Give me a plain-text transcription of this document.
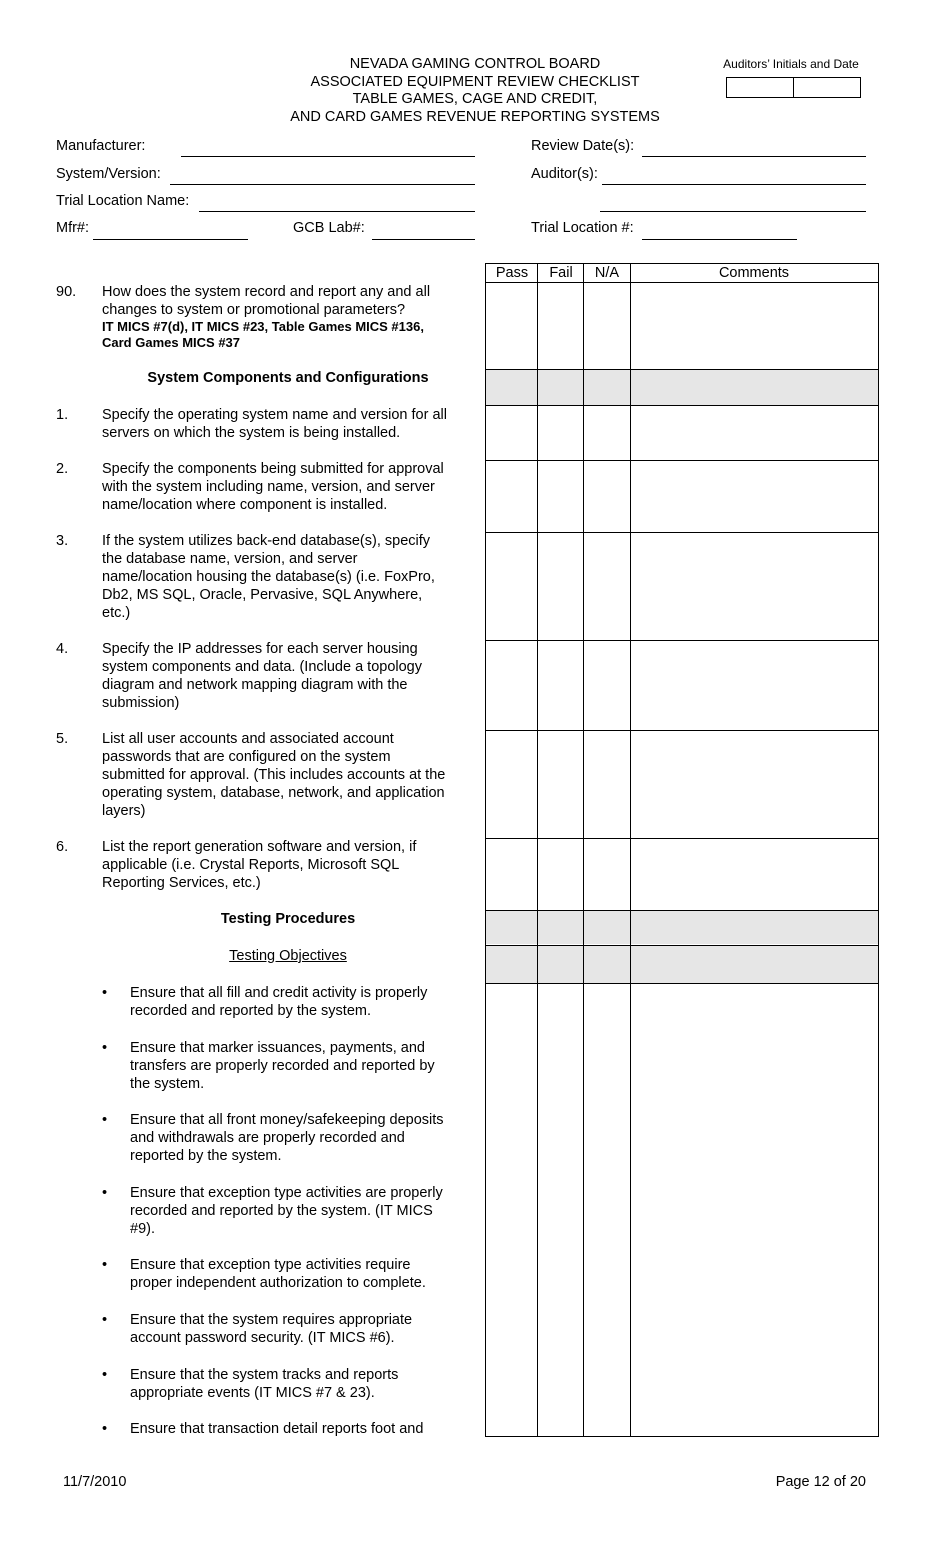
NEVADA GAMING CONTROL BOARD
ASSOCIATED EQUIPMENT REVIEW CHECKLIST
TABLE GAMES, CAGE AND CREDIT,
AND CARD GAMES REVENUE REPORTING SYSTEMS
Auditors’ Initials and Date
Manufacturer:
System/Version:
Trial Location Name:
Mfr#:	GCB Lab#:
Review Date(s):
Auditor(s):
Trial Location #:
Pass	Fail	N/A	Comments
90. How does the system record and report any and all
changes to system or promotional parameters?
IT MICS #7(d), IT MICS #23, Table Games MICS #136,
Card Games MICS #37
System Components and Configurations
1. Specify the operating system name and version for all
servers on which the system is being installed.
2. Specify the components being submitted for approval
with the system including name, version, and server
name/location where component is installed.
3. If the system utilizes back-end database(s), specify
the database name, version, and server
name/location housing the database(s) (i.e. FoxPro,
Db2, MS SQL, Oracle, Pervasive, SQL Anywhere,
etc.)
4. Specify the IP addresses for each server housing
system components and data. (Include a topology
diagram and network mapping diagram with the
submission)
5. List all user accounts and associated account
passwords that are configured on the system
submitted for approval. (This includes accounts at the
operating system, database, network, and application
layers)
6. List the report generation software and version, if
applicable (i.e. Crystal Reports, Microsoft SQL
Reporting Services, etc.)
Testing Procedures
Testing Objectives
• Ensure that all fill and credit activity is properly
recorded and reported by the system.
• Ensure that marker issuances, payments, and
transfers are properly recorded and reported by
the system.
• Ensure that all front money/safekeeping deposits
and withdrawals are properly recorded and
reported by the system.
• Ensure that exception type activities are properly
recorded and reported by the system. (IT MICS
#9).
• Ensure that exception type activities require
proper independent authorization to complete.
• Ensure that the system requires appropriate
account password security. (IT MICS #6).
• Ensure that the system tracks and reports
appropriate events (IT MICS #7 & 23).
• Ensure that transaction detail reports foot and
11/7/2010	Page 12 of 20
